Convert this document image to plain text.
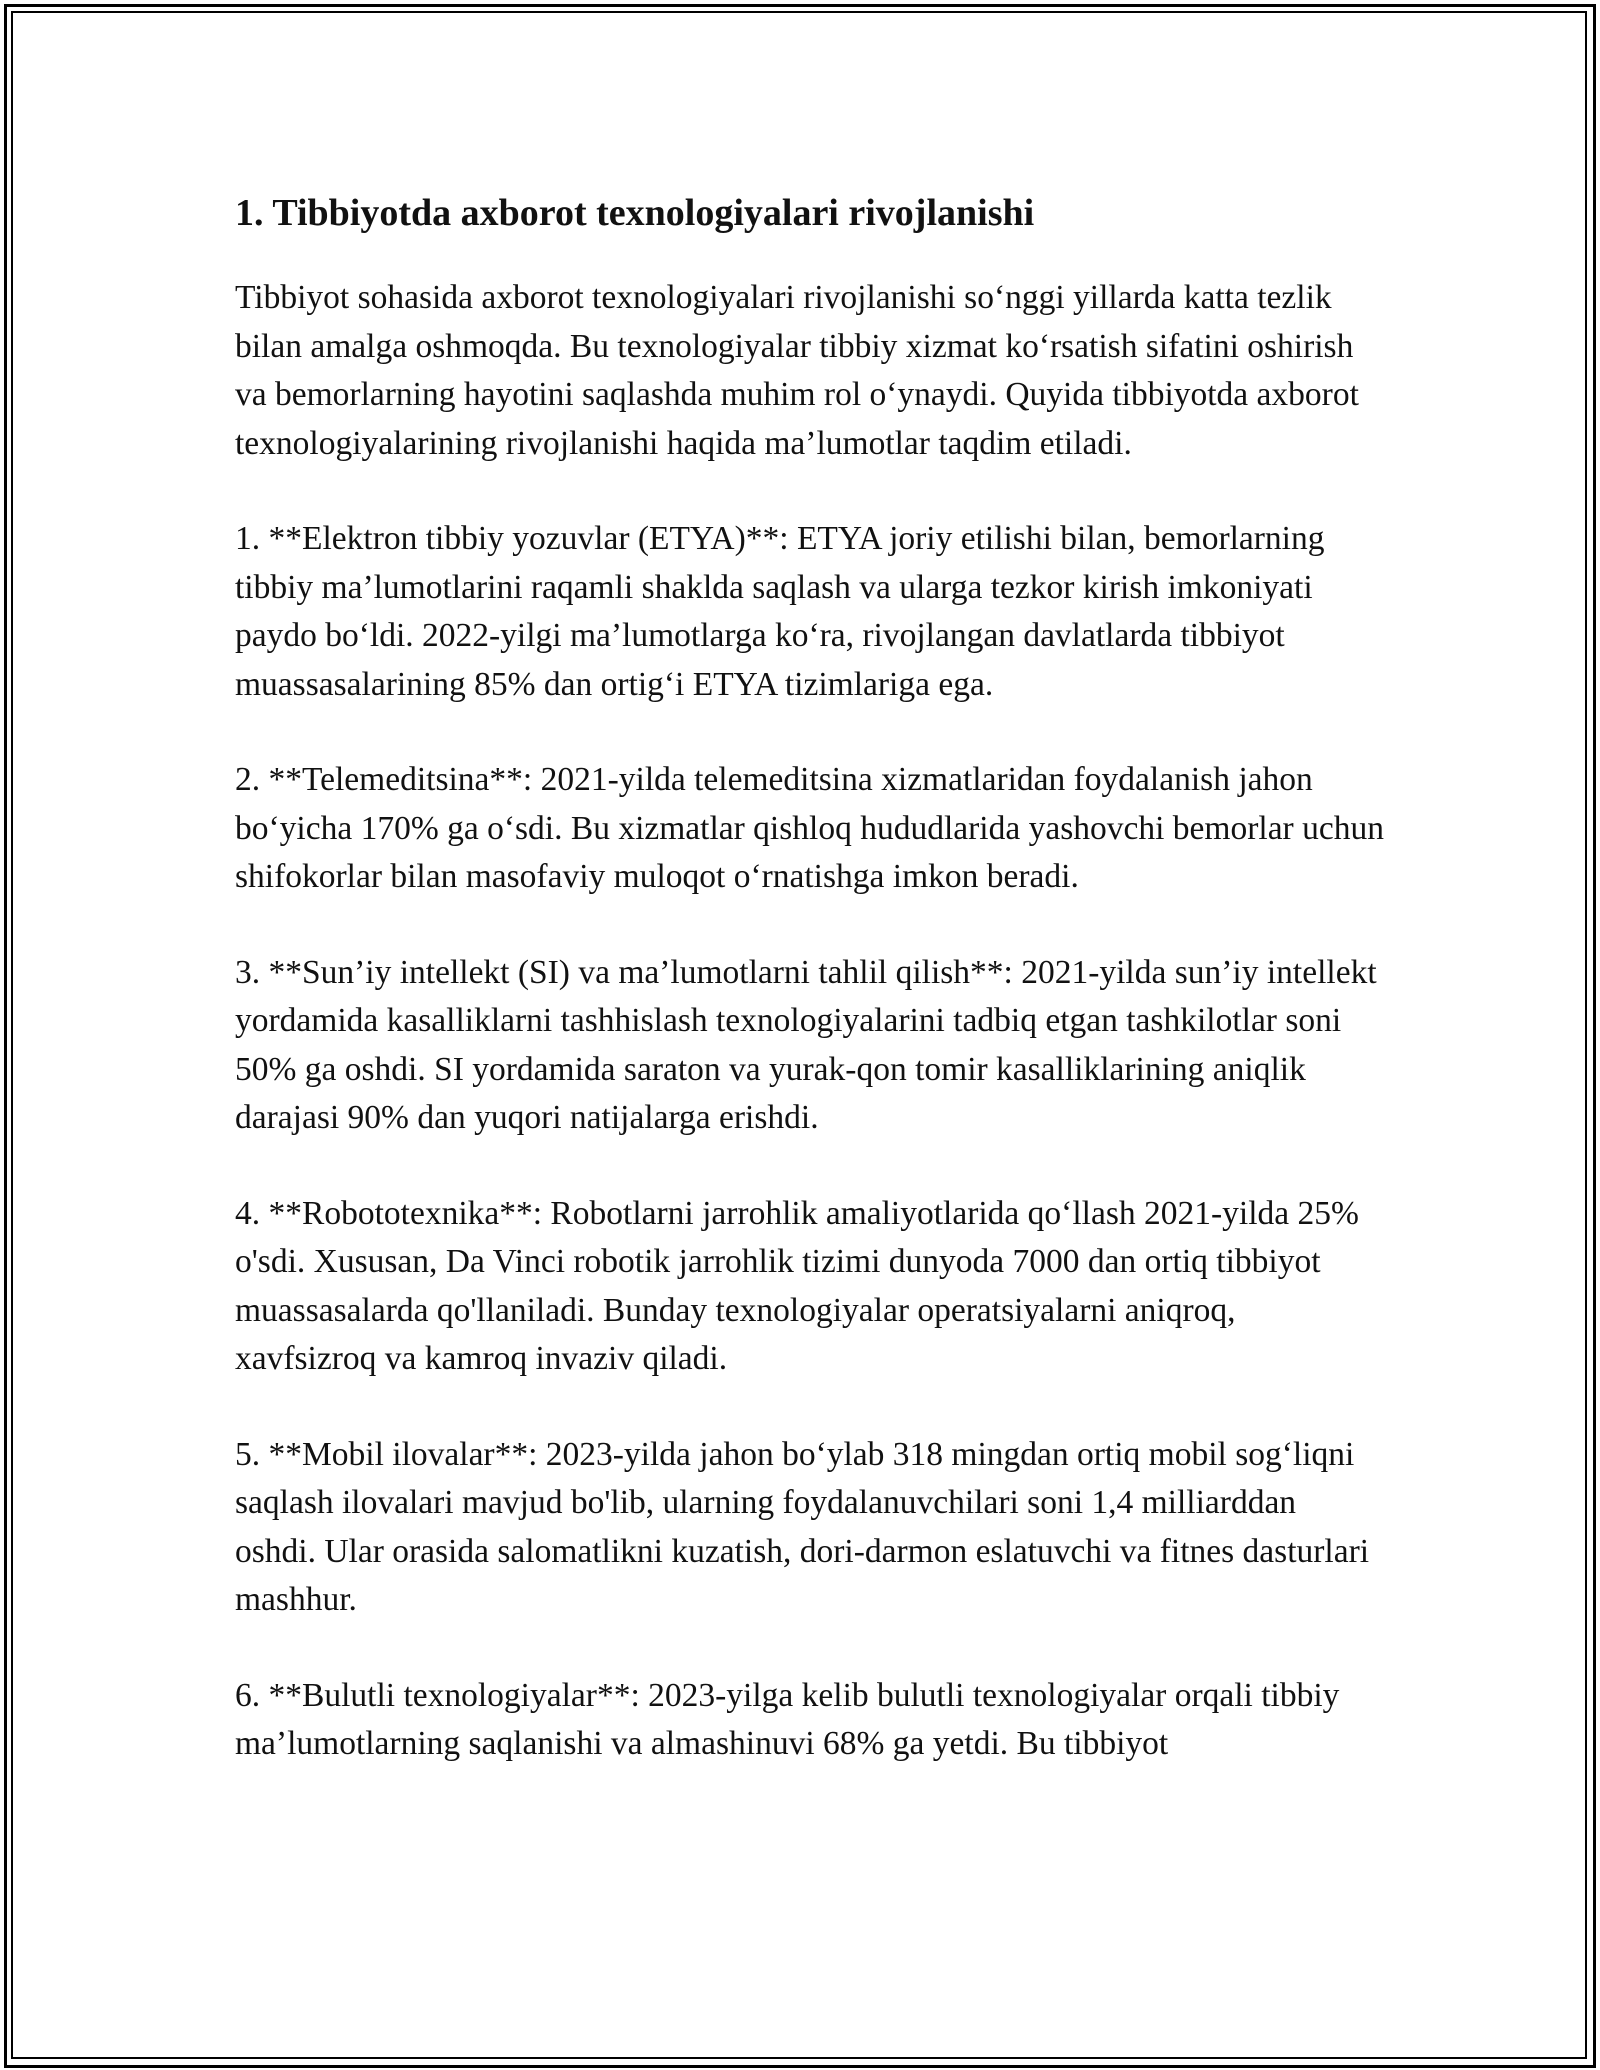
1. Tibbiyotda axborot texnologiyalari rivojlanishi

Tibbiyot sohasida axborot texnologiyalari rivojlanishi so‘nggi yillarda katta tezlik bilan amalga oshmoqda. Bu texnologiyalar tibbiy xizmat ko‘rsatish sifatini oshirish va bemorlarning hayotini saqlashda muhim rol o‘ynaydi. Quyida tibbiyotda axborot texnologiyalarining rivojlanishi haqida ma’lumotlar taqdim etiladi.

1. **Elektron tibbiy yozuvlar (ETYA)**: ETYA joriy etilishi bilan, bemorlarning tibbiy ma’lumotlarini raqamli shaklda saqlash va ularga tezkor kirish imkoniyati paydo bo‘ldi. 2022-yilgi ma’lumotlarga ko‘ra, rivojlangan davlatlarda tibbiyot muassasalarining 85% dan ortig‘i ETYA tizimlariga ega.

2. **Telemeditsina**: 2021-yilda telemeditsina xizmatlaridan foydalanish jahon bo‘yicha 170% ga o‘sdi. Bu xizmatlar qishloq hududlarida yashovchi bemorlar uchun shifokorlar bilan masofaviy muloqot o‘rnatishga imkon beradi.

3. **Sun’iy intellekt (SI) va ma’lumotlarni tahlil qilish**: 2021-yilda sun’iy intellekt yordamida kasalliklarni tashhislash texnologiyalarini tadbiq etgan tashkilotlar soni 50% ga oshdi. SI yordamida saraton va yurak-qon tomir kasalliklarining aniqlik darajasi 90% dan yuqori natijalarga erishdi.

4. **Robototexnika**: Robotlarni jarrohlik amaliyotlarida qo‘llash 2021-yilda 25% o'sdi. Xususan, Da Vinci robotik jarrohlik tizimi dunyoda 7000 dan ortiq tibbiyot muassasalarda qo'llaniladi. Bunday texnologiyalar operatsiyalarni aniqroq, xavfsizroq va kamroq invaziv qiladi.

5. **Mobil ilovalar**: 2023-yilda jahon bo‘ylab 318 mingdan ortiq mobil sog‘liqni saqlash ilovalari mavjud bo'lib, ularning foydalanuvchilari soni 1,4 milliarddan oshdi. Ular orasida salomatlikni kuzatish, dori-darmon eslatuvchi va fitnes dasturlari mashhur.

6. **Bulutli texnologiyalar**: 2023-yilga kelib bulutli texnologiyalar orqali tibbiy ma’lumotlarning saqlanishi va almashinuvi 68% ga yetdi. Bu tibbiyot
